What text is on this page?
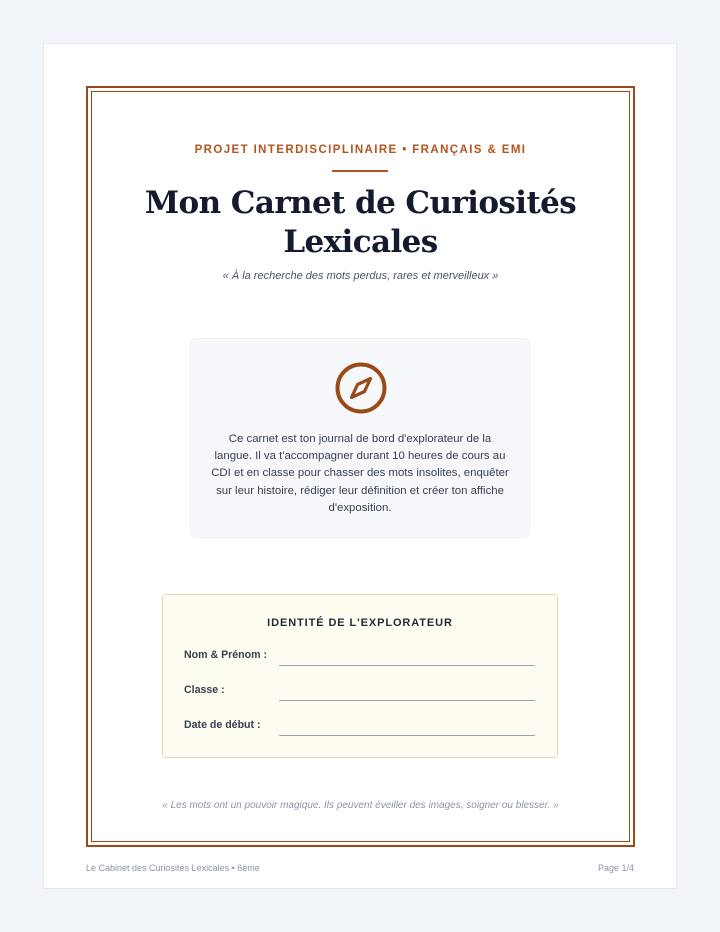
PROJET INTERDISCIPLINAIRE • FRANÇAIS & EMI
Mon Carnet de Curiosités Lexicales
« À la recherche des mots perdus, rares et merveilleux »
Ce carnet est ton journal de bord d'explorateur de la langue. Il va t'accompagner durant 10 heures de cours au CDI et en classe pour chasser des mots insolites, enquêter sur leur histoire, rédiger leur définition et créer ton affiche d'exposition.
IDENTITÉ DE L'EXPLORATEUR
Nom & Prénom :
Classe :
Date de début :
« Les mots ont un pouvoir magique. Ils peuvent éveiller des images, soigner ou blesser. »
Le Cabinet des Curiosités Lexicales • 6ème	Page 1/4
